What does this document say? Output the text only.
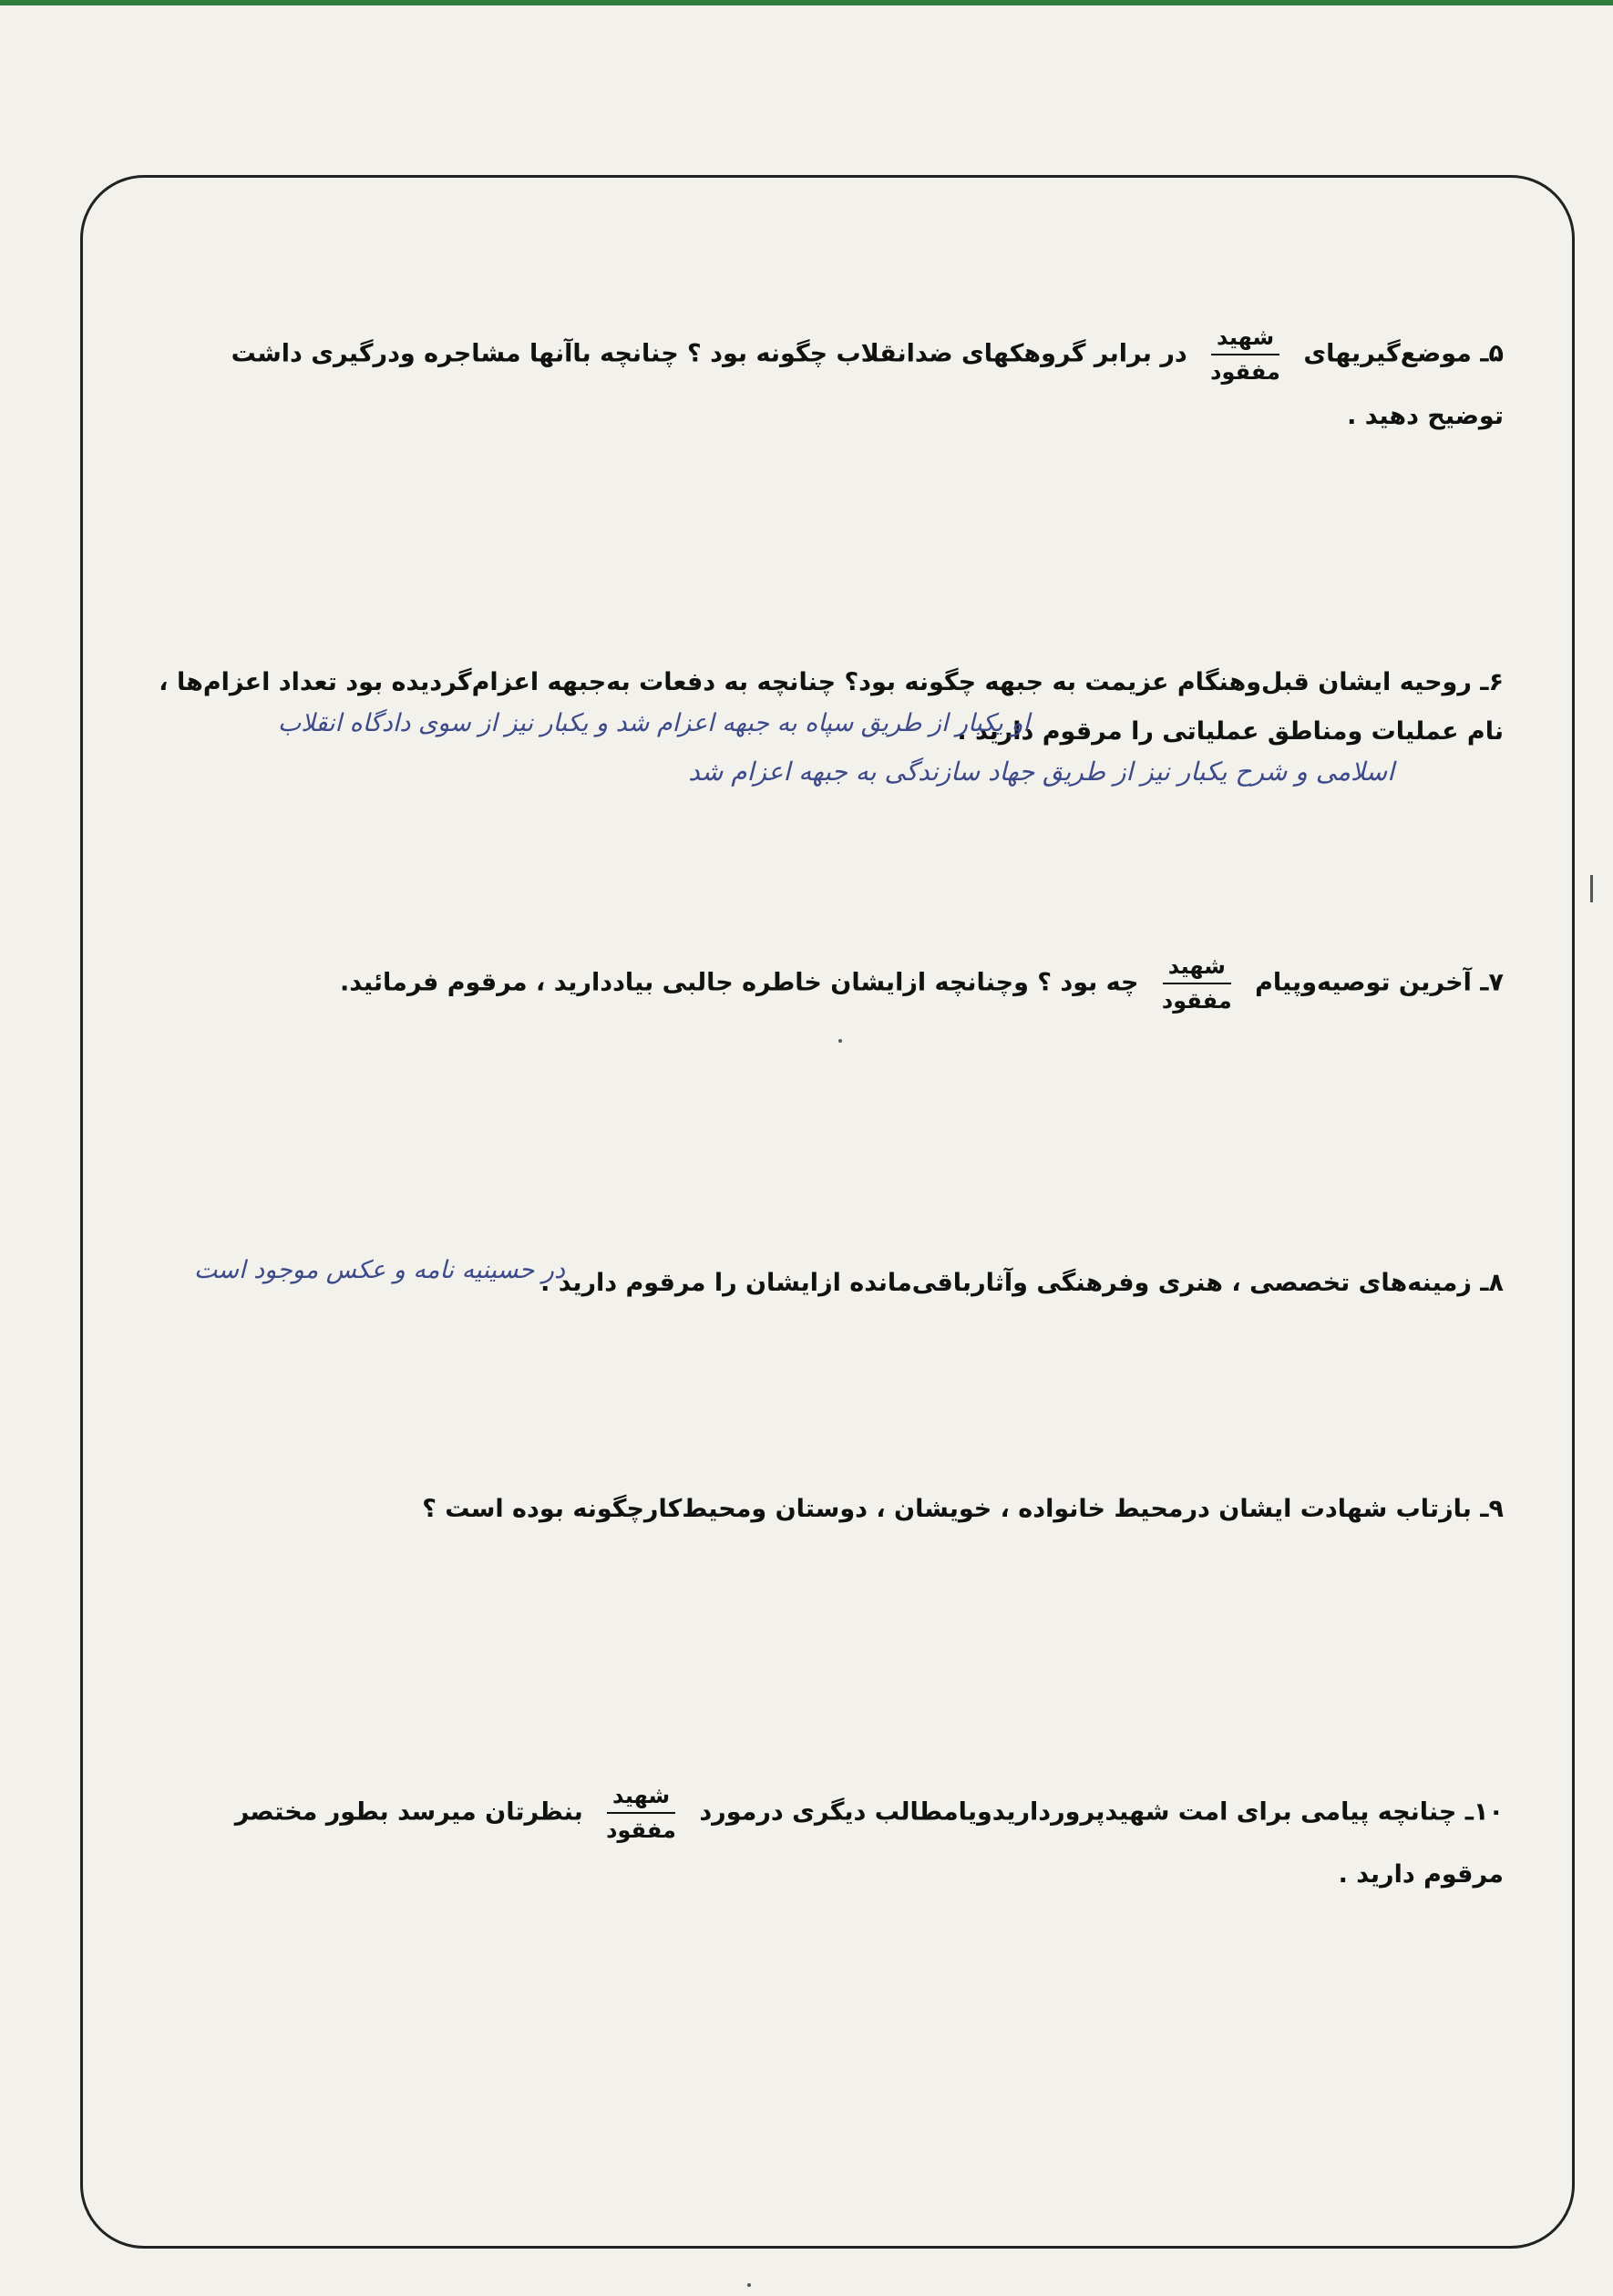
۵ـ موضع‌گیریهای
$\frac{\text{شهید}}{\text{مفقود}}$
در برابر گروهکهای ضدانقلاب چگونه بود ؟ چنانچه باآنها مشاجره ودرگیری داشت
توضیح دهید .
۶ـ روحیه ایشان قبل‌وهنگام عزیمت به جبهه چگونه بود؟ چنانچه به دفعات به‌جبهه اعزام‌گردیده بود تعداد اعزام‌ها ،
نام عملیات ومناطق عملیاتی را مرقوم دارید .
او یکبار از طریق سپاه به جبهه اعزام شد و یکبار نیز از سوی دادگاه انقلاب
اسلامی و شرح یکبار نیز از طریق جهاد سازندگی به جبهه اعزام شد
۷ـ آخرین توصیه‌وپیام
$\frac{\text{شهید}}{\text{مفقود}}$
چه بود ؟ وچنانچه ازایشان خاطره جالبی بیاددارید ، مرقوم فرمائید.
۸ـ زمینه‌های تخصصی ، هنری وفرهنگی وآثارباقی‌مانده ازایشان را مرقوم دارید .
در حسینیه نامه و عکس موجود است
۹ـ بازتاب شهادت ایشان درمحیط خانواده ، خویشان ، دوستان ومحیط‌کارچگونه بوده است ؟
۱۰ـ چنانچه پیامی برای امت شهیدپرورداریدویامطالب دیگری درمورد
$\frac{\text{شهید}}{\text{مفقود}}$
بنظرتان میرسد بطور مختصر
مرقوم دارید .
